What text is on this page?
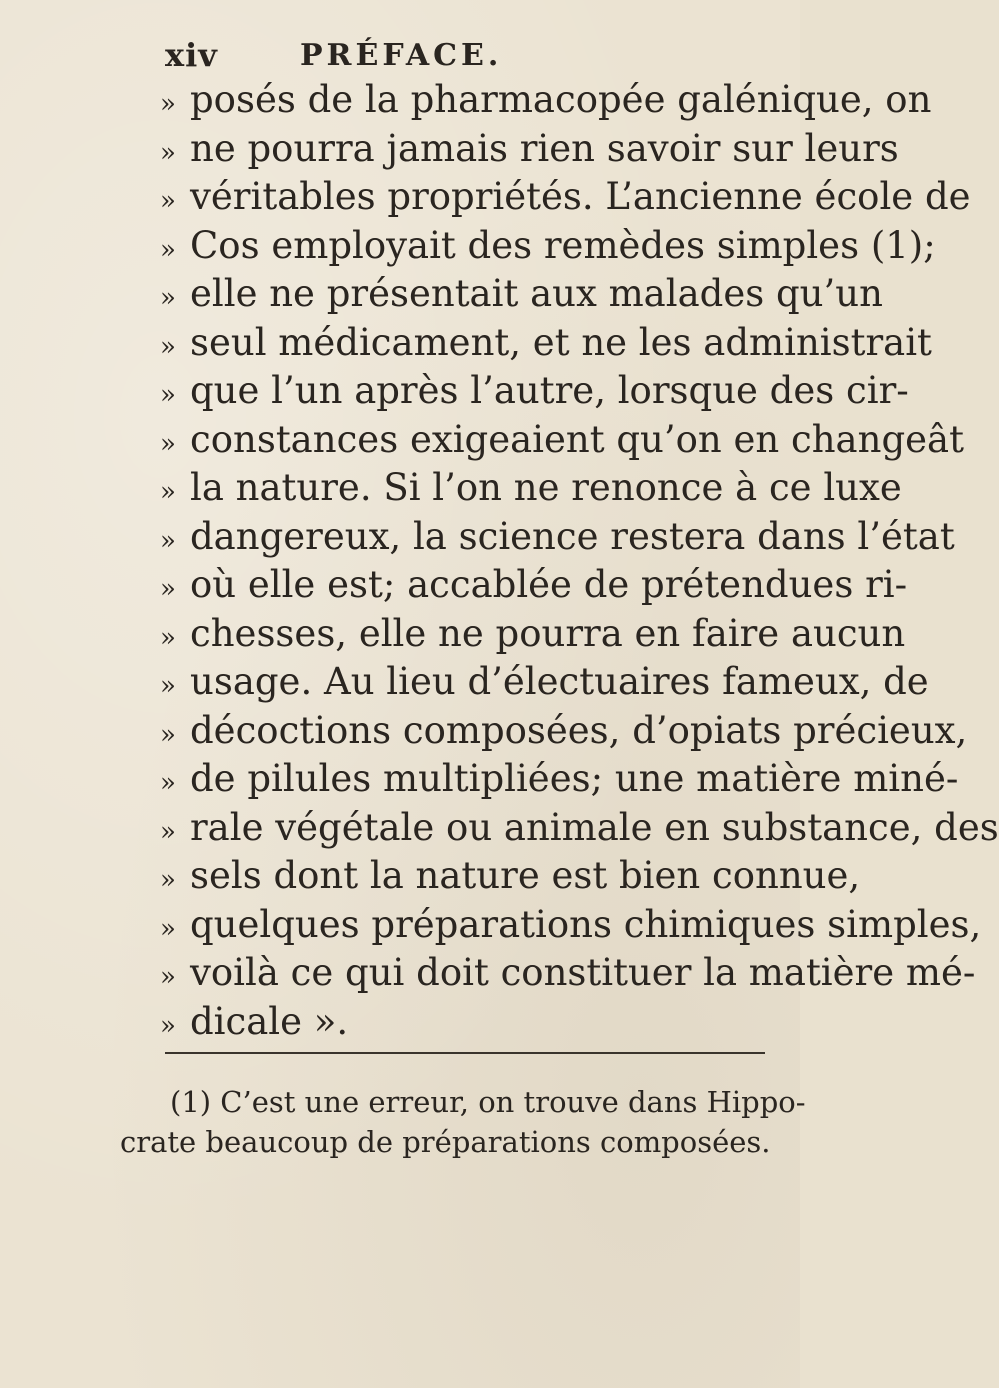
xiv	PRÉFACE.
» posés de la pharmacopée galénique, on
» ne pourra jamais rien savoir sur leurs
» véritables propriétés. L’ancienne école de
» Cos employait des remèdes simples (1);
» elle ne présentait aux malades qu’un
» seul médicament, et ne les administrait
» que l’un après l’autre, lorsque des cir-
» constances exigeaient qu’on en changeât
» la nature. Si l’on ne renonce à ce luxe
» dangereux, la science restera dans l’état
» où elle est; accablée de prétendues ri-
» chesses, elle ne pourra en faire aucun
» usage. Au lieu d’électuaires fameux, de
» décoctions composées, d’opiats précieux,
» de pilules multipliées; une matière miné-
» rale végétale ou animale en substance, des
» sels dont la nature est bien connue,
» quelques préparations chimiques simples,
» voilà ce qui doit constituer la matière mé-
» dicale ».
(1) C’est une erreur, on trouve dans Hippo-
crate beaucoup de préparations composées.
